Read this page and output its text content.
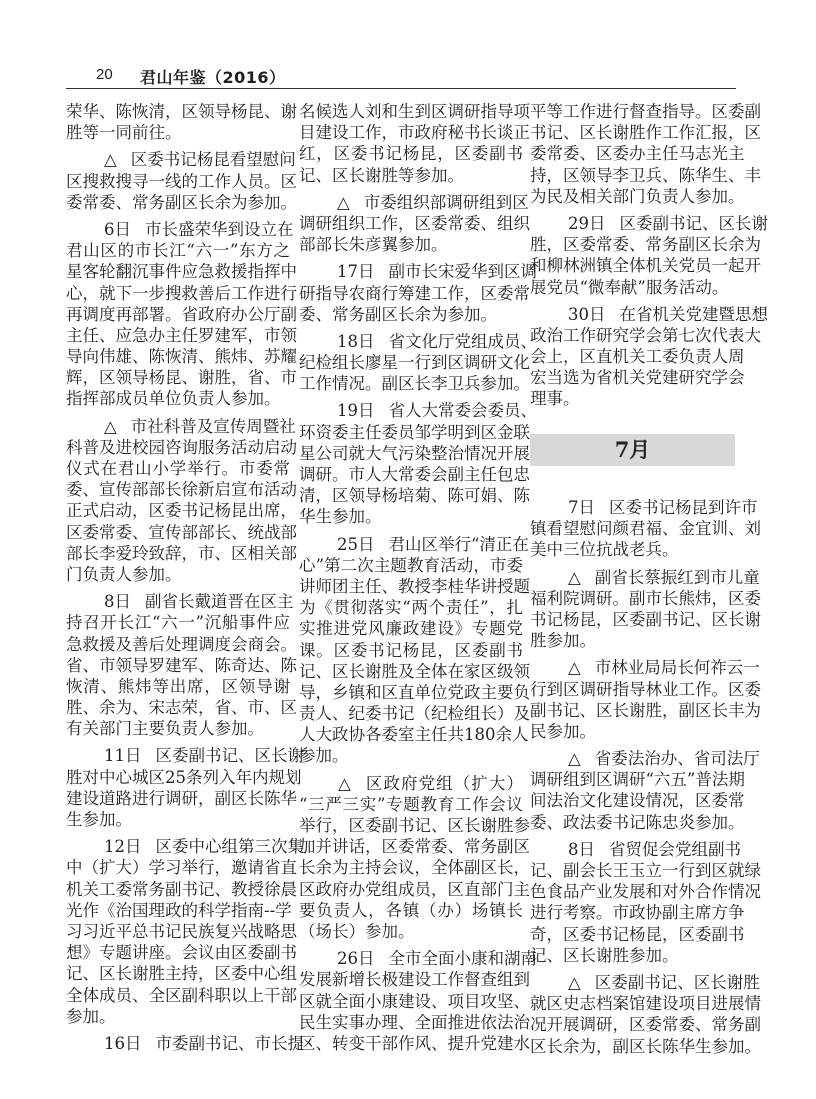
20 君山年鉴（2016）
荣华、陈恢清，区领导杨昆、谢
胜等一同前往。
△ 区委书记杨昆看望慰问
区搜救搜寻一线的工作人员。区
委常委、常务副区长余为参加。
6日 市长盛荣华到设立在
君山区的市长江“六一”东方之
星客轮翻沉事件应急救援指挥中
心，就下一步搜救善后工作进行
再调度再部署。省政府办公厅副
主任、应急办主任罗建军，市领
导向伟雄、陈恢清、熊炜、苏耀
辉，区领导杨昆、谢胜，省、市
指挥部成员单位负责人参加。
△ 市社科普及宣传周暨社
科普及进校园咨询服务活动启动
仪式在君山小学举行。市委常
委、宣传部部长徐新启宣布活动
正式启动，区委书记杨昆出席，
区委常委、宣传部部长、统战部
部长李爱玲致辞，市、区相关部
门负责人参加。
8日 副省长戴道晋在区主
持召开长江“六一”沉船事件应
急救援及善后处理调度会商会。
省、市领导罗建军、陈奇达、陈
恢清、熊炜等出席，区领导谢
胜、余为、宋志荣，省、市、区
有关部门主要负责人参加。
11日 区委副书记、区长谢
胜对中心城区25条列入年内规划
建设道路进行调研，副区长陈华
生参加。
12日 区委中心组第三次集
中（扩大）学习举行，邀请省直
机关工委常务副书记、教授徐晨
光作《治国理政的科学指南--学
习习近平总书记民族复兴战略思
想》专题讲座。会议由区委副书
记、区长谢胜主持，区委中心组
全体成员、全区副科职以上干部
参加。
16日 市委副书记、市长提
名候选人刘和生到区调研指导项
目建设工作，市政府秘书长谈正
红，区委书记杨昆，区委副书
记、区长谢胜等参加。
△ 市委组织部调研组到区
调研组织工作，区委常委、组织
部部长朱彦翼参加。
17日 副市长宋爱华到区调
研指导农商行筹建工作，区委常
委、常务副区长余为参加。
18日 省文化厅党组成员、
纪检组长廖星一行到区调研文化
工作情况。副区长李卫兵参加。
19日 省人大常委会委员、
环资委主任委员邹学明到区金联
星公司就大气污染整治情况开展
调研。市人大常委会副主任包忠
清，区领导杨培菊、陈可娟、陈
华生参加。
25日 君山区举行“清正在
心”第二次主题教育活动，市委
讲师团主任、教授李桂华讲授题
为《贯彻落实“两个责任”，扎
实推进党风廉政建设》专题党
课。区委书记杨昆，区委副书
记、区长谢胜及全体在家区级领
导，乡镇和区直单位党政主要负
责人、纪委书记（纪检组长）及
人大政协各委室主任共180余人
参加。
△ 区政府党组（扩大）
“三严三实”专题教育工作会议
举行，区委副书记、区长谢胜参
加并讲话，区委常委、常务副区
长余为主持会议，全体副区长，
区政府办党组成员，区直部门主
要负责人，各镇（办）场镇长
（场长）参加。
26日 全市全面小康和湖南
发展新增长极建设工作督查组到
区就全面小康建设、项目攻坚、
民生实事办理、全面推进依法治
区、转变干部作风、提升党建水
平等工作进行督查指导。区委副
书记、区长谢胜作工作汇报，区
委常委、区委办主任马志光主
持，区领导李卫兵、陈华生、丰
为民及相关部门负责人参加。
29日 区委副书记、区长谢
胜，区委常委、常务副区长余为
和柳林洲镇全体机关党员一起开
展党员“微奉献”服务活动。
30日 在省机关党建暨思想
政治工作研究学会第七次代表大
会上，区直机关工委负责人周
宏当选为省机关党建研究学会
理事。
7月
7日 区委书记杨昆到许市
镇看望慰问颜君福、金宜训、刘
美中三位抗战老兵。
△ 副省长蔡振红到市儿童
福利院调研。副市长熊炜，区委
书记杨昆，区委副书记、区长谢
胜参加。
△ 市林业局局长何祚云一
行到区调研指导林业工作。区委
副书记、区长谢胜，副区长丰为
民参加。
△ 省委法治办、省司法厅
调研组到区调研“六五”普法期
间法治文化建设情况，区委常
委、政法委书记陈忠炎参加。
8日 省贸促会党组副书
记、副会长王玉立一行到区就绿
色食品产业发展和对外合作情况
进行考察。市政协副主席方争
奇，区委书记杨昆，区委副书
记、区长谢胜参加。
△ 区委副书记、区长谢胜
就区史志档案馆建设项目进展情
况开展调研，区委常委、常务副
区长余为，副区长陈华生参加。
